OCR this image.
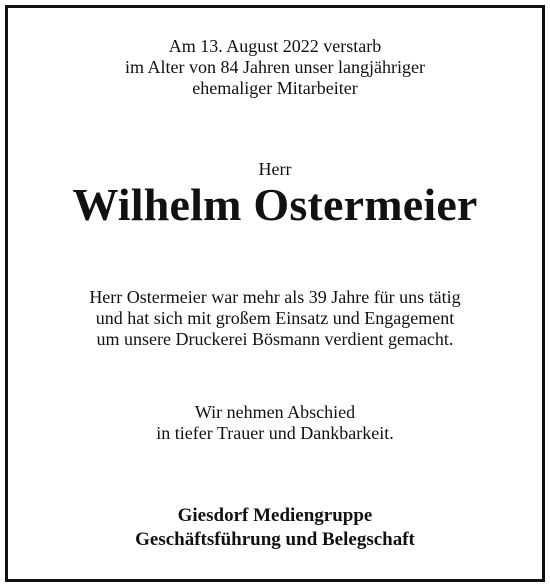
Am 13. August 2022 verstarb
im Alter von 84 Jahren unser langjähriger
ehemaliger Mitarbeiter
Herr
Wilhelm Ostermeier
Herr Ostermeier war mehr als 39 Jahre für uns tätig
und hat sich mit großem Einsatz und Engagement
um unsere Druckerei Bösmann verdient gemacht.
Wir nehmen Abschied
in tiefer Trauer und Dankbarkeit.
Giesdorf Mediengruppe
Geschäftsführung und Belegschaft
